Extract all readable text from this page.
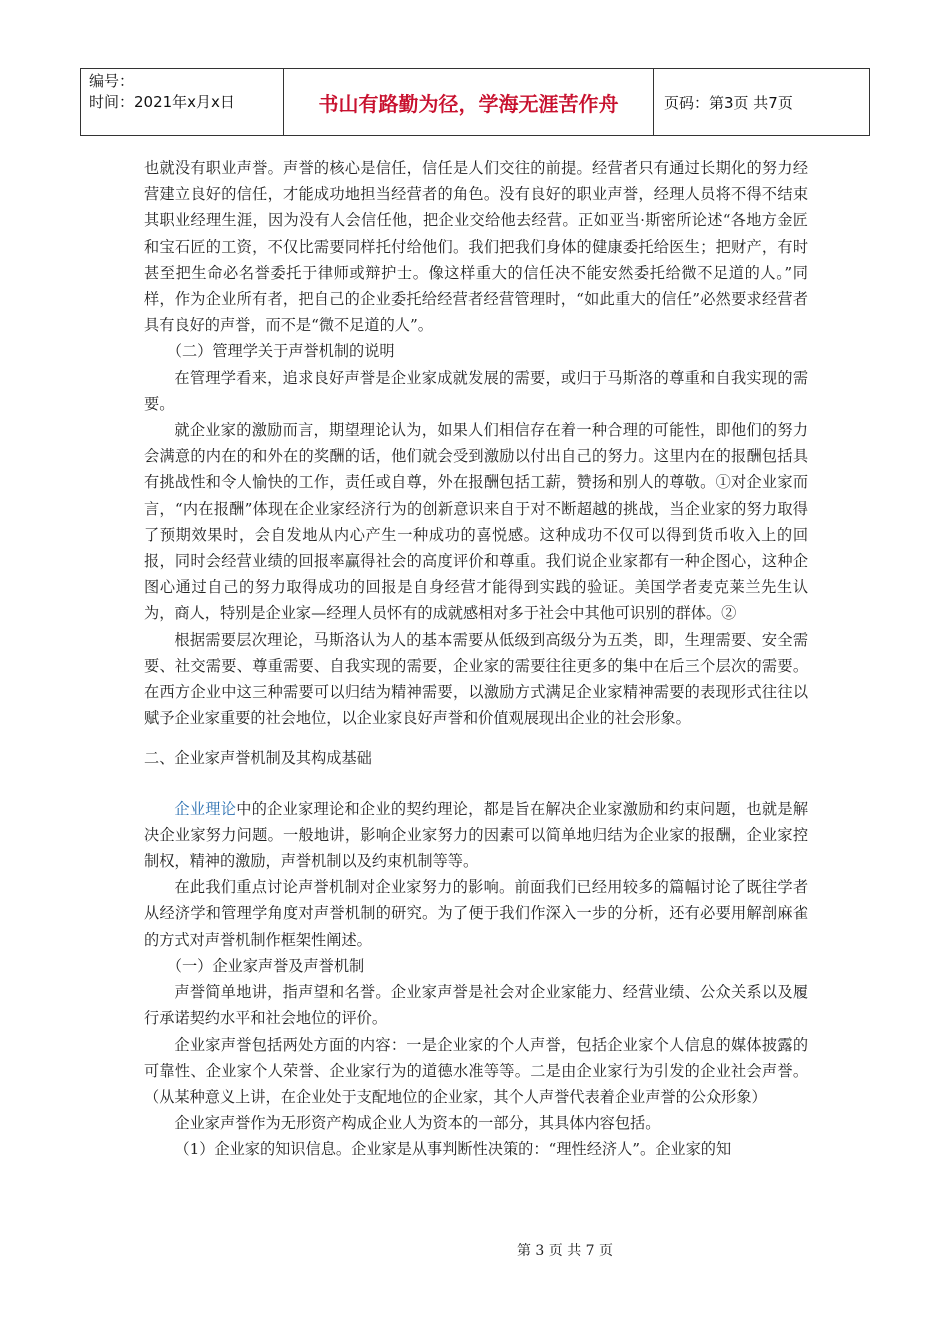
编号：
时间：2021年x月x日	书山有路勤为径，学海无涯苦作舟	页码：第3页 共7页

也就没有职业声誉。声誉的核心是信任，信任是人们交往的前提。经营者只有通过长期化的努力经营建立良好的信任，才能成功地担当经营者的角色。没有良好的职业声誉，经理人员将不得不结束其职业经理生涯，因为没有人会信任他，把企业交给他去经营。正如亚当·斯密所论述“各地方金匠和宝石匠的工资，不仅比需要同样托付给他们。我们把我们身体的健康委托给医生；把财产，有时甚至把生命必名誉委托于律师或辩护士。像这样重大的信任决不能安然委托给微不足道的人。”同样，作为企业所有者，把自己的企业委托给经营者经营管理时，“如此重大的信任”必然要求经营者具有良好的声誉，而不是“微不足道的人”。

（二）管理学关于声誉机制的说明

在管理学看来，追求良好声誉是企业家成就发展的需要，或归于马斯洛的尊重和自我实现的需要。

就企业家的激励而言，期望理论认为，如果人们相信存在着一种合理的可能性，即他们的努力会满意的内在的和外在的奖酬的话，他们就会受到激励以付出自己的努力。这里内在的报酬包括具有挑战性和令人愉快的工作，责任或自尊，外在报酬包括工薪，赞扬和别人的尊敬。①对企业家而言，“内在报酬”体现在企业家经济行为的创新意识来自于对不断超越的挑战，当企业家的努力取得了预期效果时，会自发地从内心产生一种成功的喜悦感。这种成功不仅可以得到货币收入上的回报，同时会经营业绩的回报率赢得社会的高度评价和尊重。我们说企业家都有一种企图心，这种企图心通过自己的努力取得成功的回报是自身经营才能得到实践的验证。美国学者麦克莱兰先生认为，商人，特别是企业家—经理人员怀有的成就感相对多于社会中其他可识别的群体。②

根据需要层次理论，马斯洛认为人的基本需要从低级到高级分为五类，即，生理需要、安全需要、社交需要、尊重需要、自我实现的需要，企业家的需要往往更多的集中在后三个层次的需要。在西方企业中这三种需要可以归结为精神需要，以激励方式满足企业家精神需要的表现形式往往以赋予企业家重要的社会地位，以企业家良好声誉和价值观展现出企业的社会形象。

二、企业家声誉机制及其构成基础

企业理论中的企业家理论和企业的契约理论，都是旨在解决企业家激励和约束问题，也就是解决企业家努力问题。一般地讲，影响企业家努力的因素可以简单地归结为企业家的报酬，企业家控制权，精神的激励，声誉机制以及约束机制等等。

在此我们重点讨论声誉机制对企业家努力的影响。前面我们已经用较多的篇幅讨论了既往学者从经济学和管理学角度对声誉机制的研究。为了便于我们作深入一步的分析，还有必要用解剖麻雀的方式对声誉机制作框架性阐述。

（一）企业家声誉及声誉机制

声誉简单地讲，指声望和名誉。企业家声誉是社会对企业家能力、经营业绩、公众关系以及履行承诺契约水平和社会地位的评价。

企业家声誉包括两处方面的内容：一是企业家的个人声誉，包括企业家个人信息的媒体披露的可靠性、企业家个人荣誉、企业家行为的道德水准等等。二是由企业家行为引发的企业社会声誉。（从某种意义上讲，在企业处于支配地位的企业家，其个人声誉代表着企业声誉的公众形象）

企业家声誉作为无形资产构成企业人为资本的一部分，其具体内容包括。

（1）企业家的知识信息。企业家是从事判断性决策的：“理性经济人”。企业家的知

第 3 页 共 7 页
